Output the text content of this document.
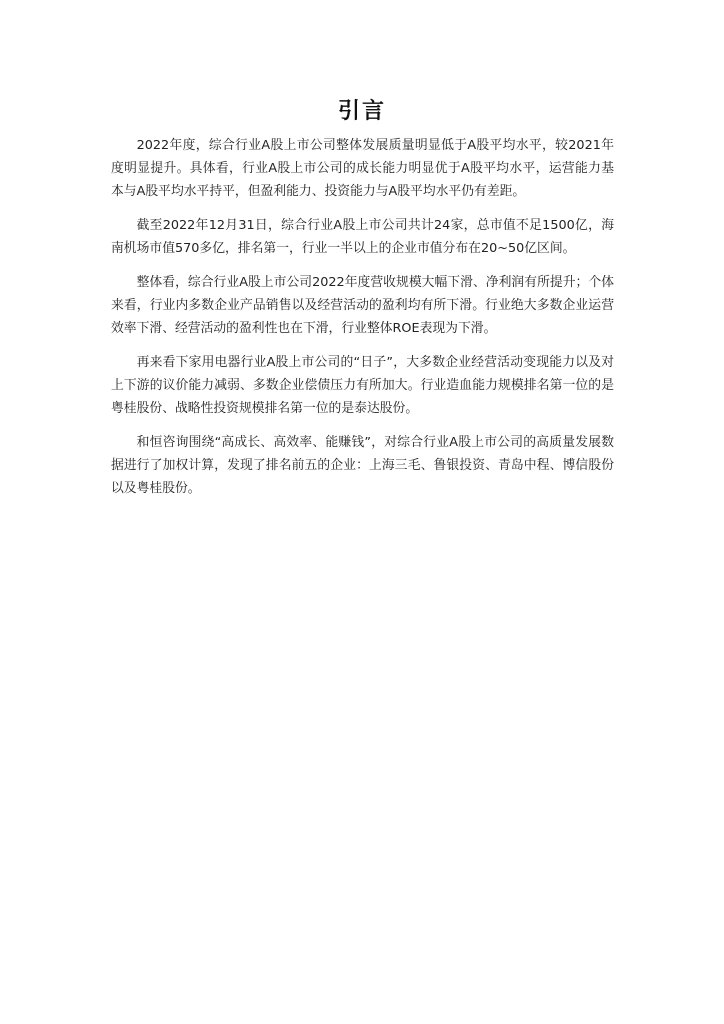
引言

2022年度，综合行业A股上市公司整体发展质量明显低于A股平均水平，较2021年度明显提升。具体看，行业A股上市公司的成长能力明显优于A股平均水平，运营能力基本与A股平均水平持平，但盈利能力、投资能力与A股平均水平仍有差距。

截至2022年12月31日，综合行业A股上市公司共计24家，总市值不足1500亿，海南机场市值570多亿，排名第一，行业一半以上的企业市值分布在20~50亿区间。

整体看，综合行业A股上市公司2022年度营收规模大幅下滑、净利润有所提升；个体来看，行业内多数企业产品销售以及经营活动的盈利均有所下滑。行业绝大多数企业运营效率下滑、经营活动的盈利性也在下滑，行业整体ROE表现为下滑。

再来看下家用电器行业A股上市公司的“日子”，大多数企业经营活动变现能力以及对上下游的议价能力减弱、多数企业偿债压力有所加大。行业造血能力规模排名第一位的是粤桂股份、战略性投资规模排名第一位的是泰达股份。

和恒咨询围绕“高成长、高效率、能赚钱”，对综合行业A股上市公司的高质量发展数据进行了加权计算，发现了排名前五的企业：上海三毛、鲁银投资、青岛中程、博信股份以及粤桂股份。
